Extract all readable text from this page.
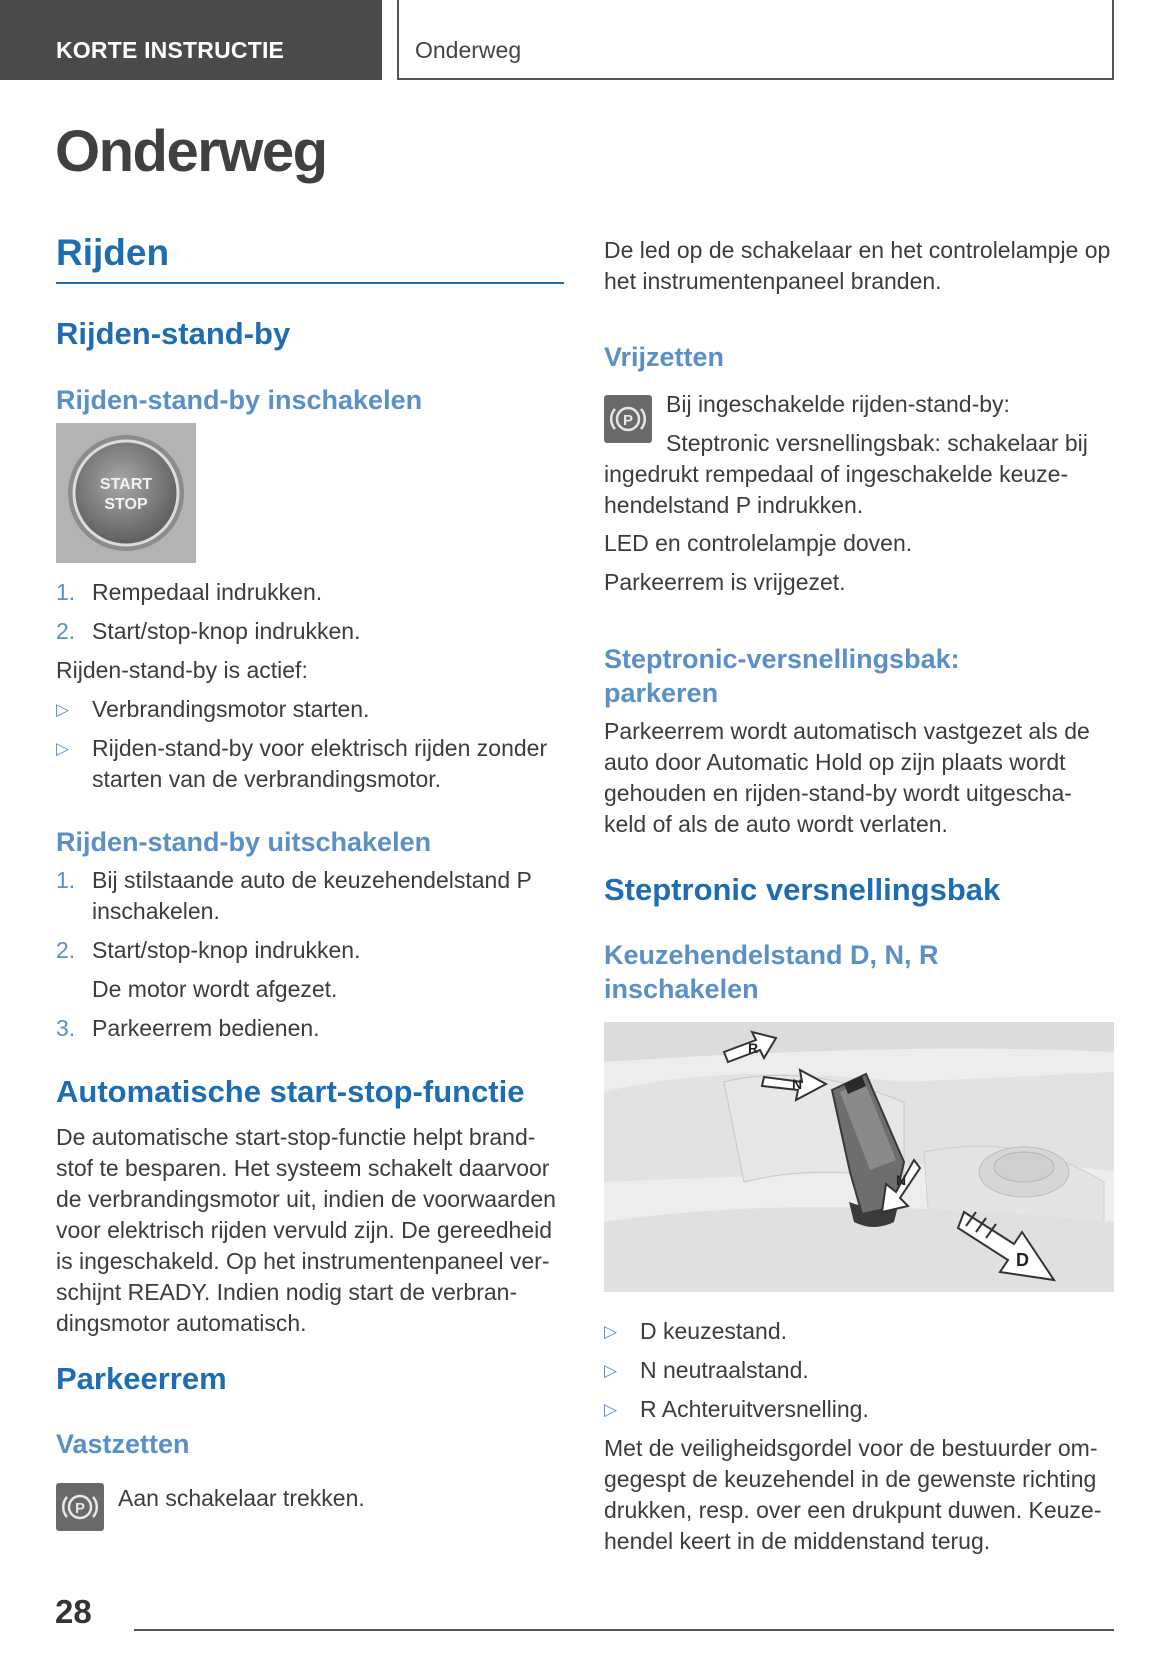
KORTE INSTRUCTIE	Onderweg
Onderweg
Rijden
Rijden-stand-by
Rijden-stand-by inschakelen
START
STOP
1. Rempedaal indrukken.
2. Start/stop-knop indrukken.

Rijden-stand-by is actief:

▷ Verbrandingsmotor starten.
▷ Rijden-stand-by voor elektrisch rijden zonder starten van de verbrandingsmotor.
Rijden-stand-by uitschakelen
1. Bij stilstaande auto de keuzehendelstand P inschakelen.
2. Start/stop-knop indrukken.
De motor wordt afgezet.
3. Parkeerrem bedienen.
Automatische start-stop-functie

De automatische start-stop-functie helpt brand-stof te besparen. Het systeem schakelt daarvoor de verbrandingsmotor uit, indien de voorwaarden voor elektrisch rijden vervuld zijn. De gereedheid is ingeschakeld. Op het instrumentenpaneel ver-schijnt READY. Indien nodig start de verbran-dingsmotor automatisch.

Parkeerrem
Vastzetten
P Aan schakelaar trekken.

De led op de schakelaar en het controlelampje op het instrumentenpaneel branden.

Vrijzetten
P

Bij ingeschakelde rijden-stand-by:

Steptronic versnellingsbak: schakelaar bij ingedrukt rempedaal of ingeschakelde keuze-hendelstand P indrukken.

LED en controlelampje doven.

Parkeerrem is vrijgezet.

Steptronic-versnellingsbak: parkeren

Parkeerrem wordt automatisch vastgezet als de auto door Automatic Hold op zijn plaats wordt gehouden en rijden-stand-by wordt uitgescha-keld of als de auto wordt verlaten.

Steptronic versnellingsbak
Keuzehendelstand D, N, R inschakelen
R
N
N
D
▷ D keuzestand.
▷ N neutraalstand.
▷ R Achteruitversnelling.

Met de veiligheidsgordel voor de bestuurder om-gegespt de keuzehendel in de gewenste richting drukken, resp. over een drukpunt duwen. Keuze-hendel keert in de middenstand terug.

28
